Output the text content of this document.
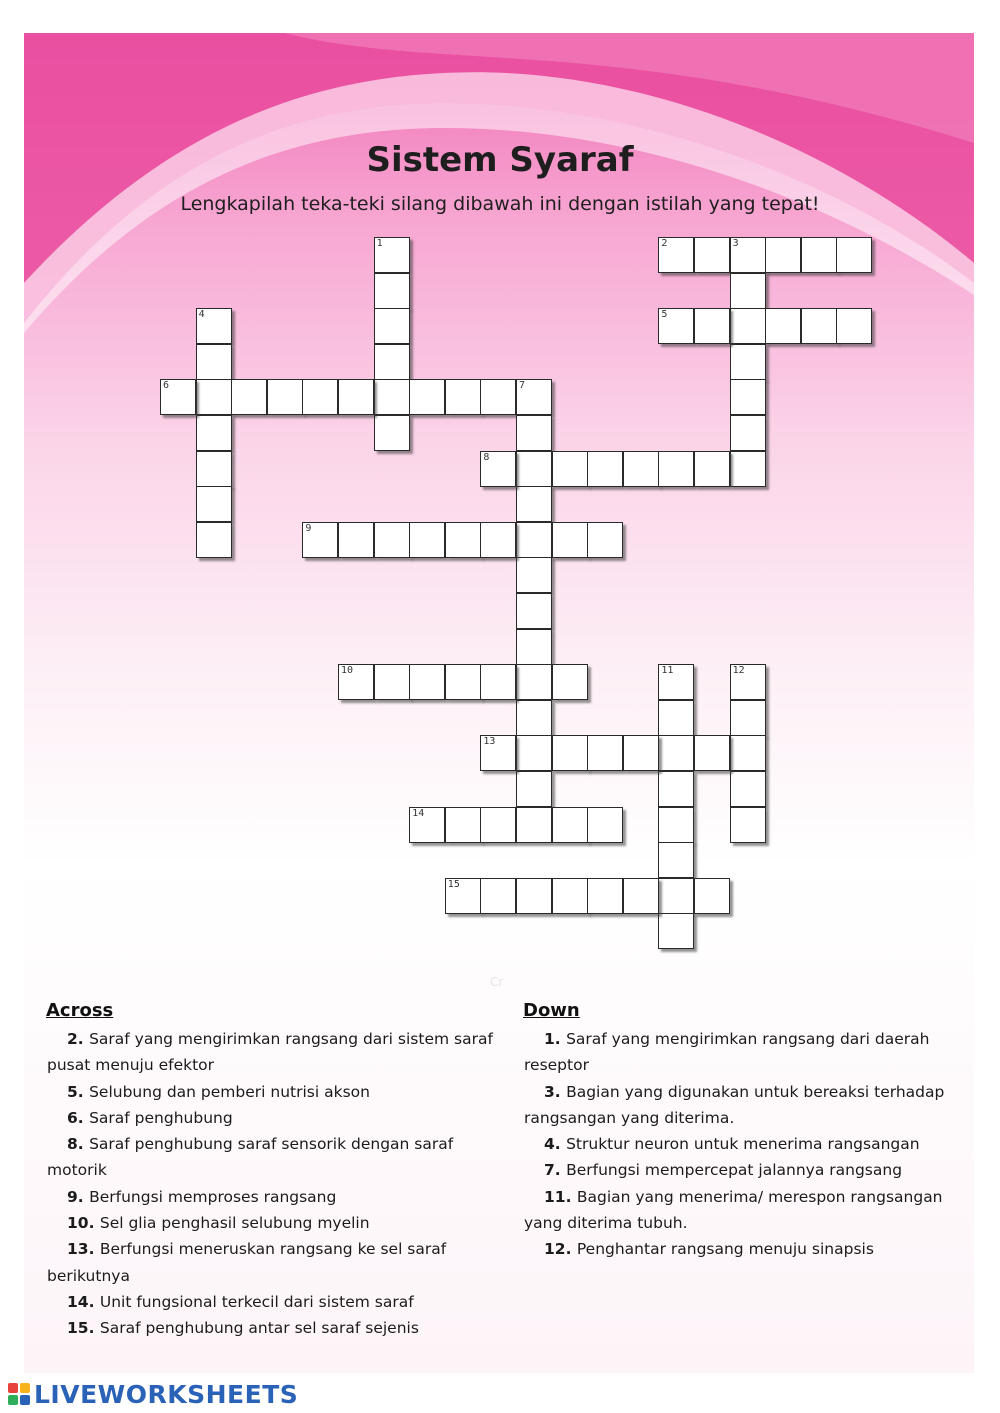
Sistem Syaraf
Lengkapilah teka-teki silang dibawah ini dengan istilah yang tepat!
1	2	3
4	5
6	7
8
9
10	11	12
13
14
15
Cr
Across
2. Saraf yang mengirimkan rangsang dari sistem saraf pusat menuju efektor
5. Selubung dan pemberi nutrisi akson
6. Saraf penghubung
8. Saraf penghubung saraf sensorik dengan saraf motorik
9. Berfungsi memproses rangsang
10. Sel glia penghasil selubung myelin
13. Berfungsi meneruskan rangsang ke sel saraf berikutnya
14. Unit fungsional terkecil dari sistem saraf
15. Saraf penghubung antar sel saraf sejenis
Down
1. Saraf yang mengirimkan rangsang dari daerah reseptor
3. Bagian yang digunakan untuk bereaksi terhadap rangsangan yang diterima.
4. Struktur neuron untuk menerima rangsangan
7. Berfungsi mempercepat jalannya rangsang
11. Bagian yang menerima/ merespon rangsangan yang diterima tubuh.
12. Penghantar rangsang menuju sinapsis
LIVEWORKSHEETS
